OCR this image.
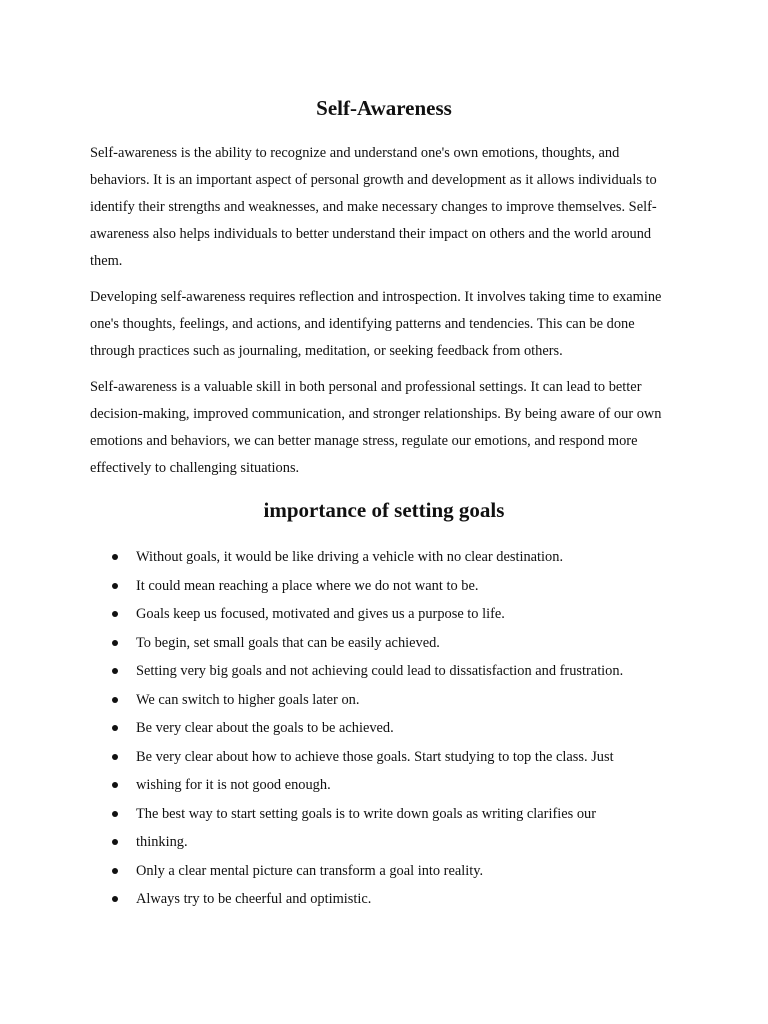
Self-Awareness

Self-awareness is the ability to recognize and understand one's own emotions, thoughts, and behaviors. It is an important aspect of personal growth and development as it allows individuals to identify their strengths and weaknesses, and make necessary changes to improve themselves. Self-awareness also helps individuals to better understand their impact on others and the world around them.

Developing self-awareness requires reflection and introspection. It involves taking time to examine one's thoughts, feelings, and actions, and identifying patterns and tendencies. This can be done through practices such as journaling, meditation, or seeking feedback from others.

Self-awareness is a valuable skill in both personal and professional settings. It can lead to better decision-making, improved communication, and stronger relationships. By being aware of our own emotions and behaviors, we can better manage stress, regulate our emotions, and respond more effectively to challenging situations.

importance of setting goals
Without goals, it would be like driving a vehicle with no clear destination.
It could mean reaching a place where we do not want to be.
Goals keep us focused, motivated and gives us a purpose to life.
To begin, set small goals that can be easily achieved.
Setting very big goals and not achieving could lead to dissatisfaction and frustration.
We can switch to higher goals later on.
Be very clear about the goals to be achieved.
Be very clear about how to achieve those goals. Start studying to top the class. Just
wishing for it is not good enough.
The best way to start setting goals is to write down goals as writing clarifies our
thinking.
Only a clear mental picture can transform a goal into reality.
Always try to be cheerful and optimistic.
